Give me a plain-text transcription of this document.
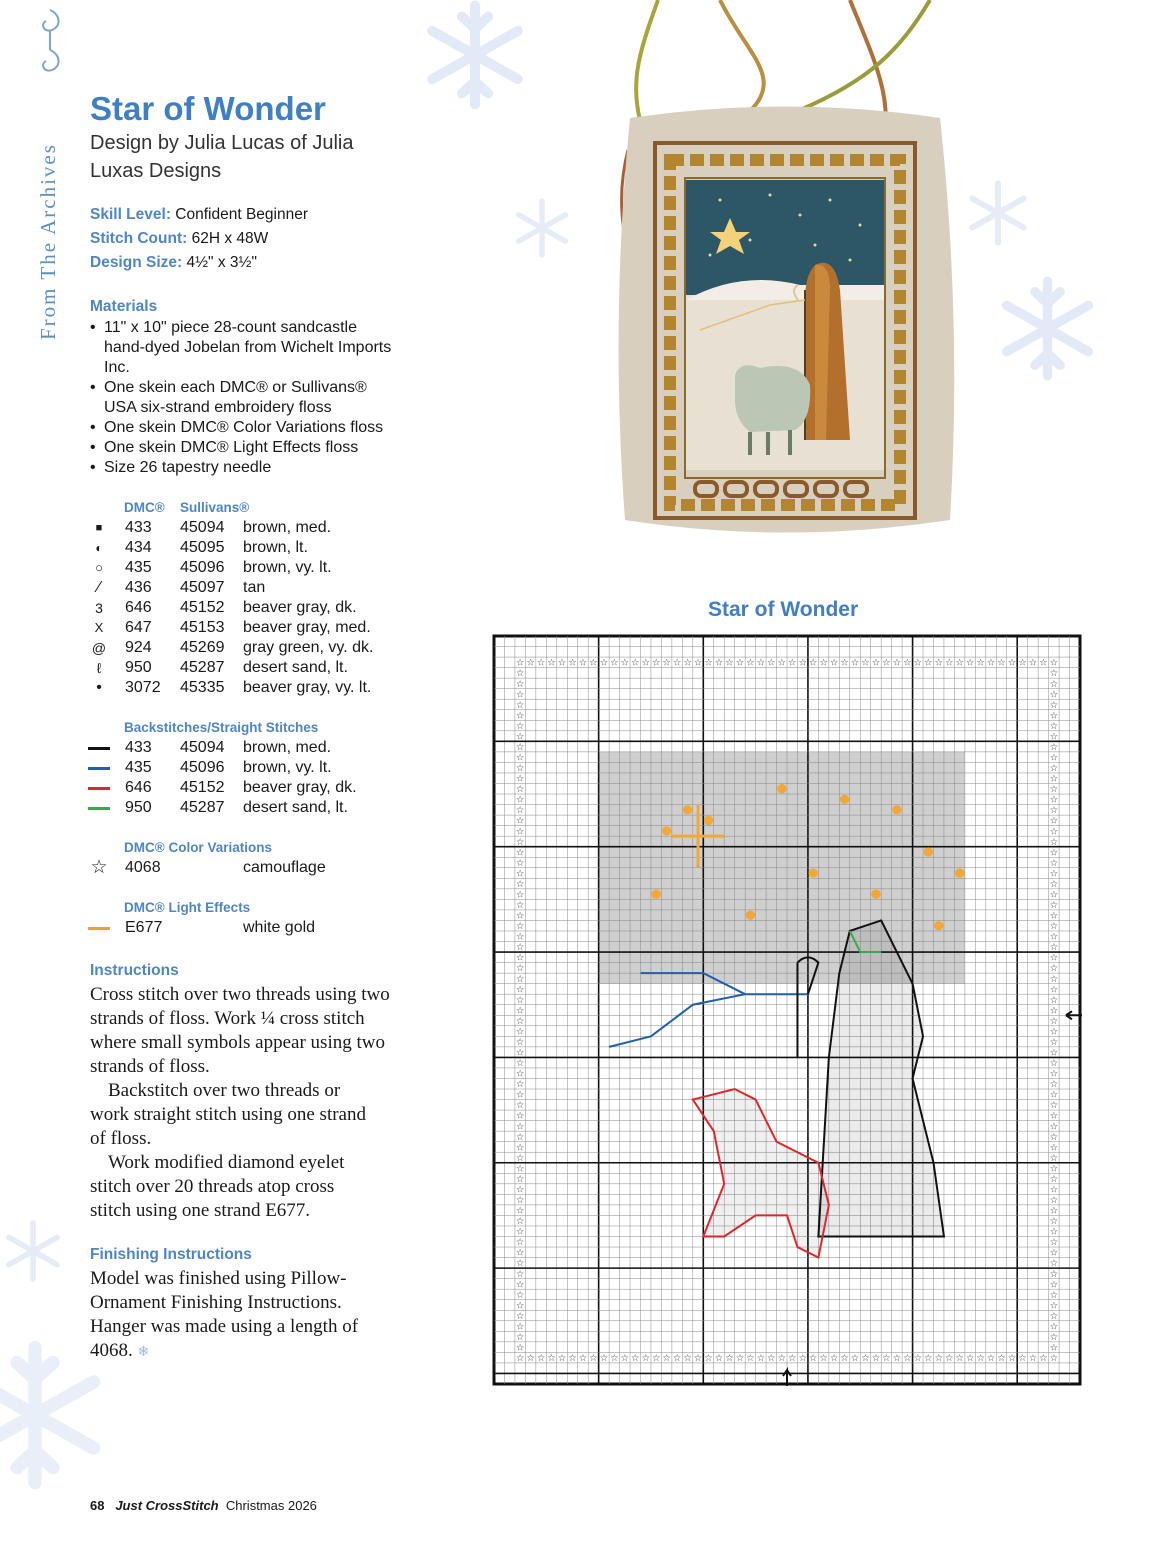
From The Archives
Star of Wonder
Design by Julia Lucas of Julia Luxas Designs
Skill Level: Confident Beginner
Stitch Count: 62H x 48W
Design Size: 4½" x 3½"
Materials
• 11" x 10" piece 28-count sandcastle hand-dyed Jobelan from Wichelt Imports Inc.
• One skein each DMC® or Sullivans® USA six-strand embroidery floss
• One skein DMC® Color Variations floss
• One skein DMC® Light Effects floss
• Size 26 tapestry needle
DMC® Sullivans®
■	433 45094 brown, med.
◐	434 45095 brown, lt.
○	435 45096 brown, vy. lt.
⁄	436 45097 tan
3	646 45152 beaver gray, dk.
X	647 45153 beaver gray, med.
@ 924 45269 gray green, vy. dk.
ℓ	950 45287 desert sand, lt.
•	3072 45335 beaver gray, vy. lt.
Backstitches/Straight Stitches
433 45094 brown, med.
435 45096 brown, vy. lt.
646 45152 beaver gray, dk.
950 45287 desert sand, lt.
DMC® Color Variations
☆ 4068	camouflage
DMC® Light Effects
E677	white gold
Instructions
Cross stitch over two threads using two strands of floss. Work ¼ cross stitch where small symbols appear using two strands of floss.
Backstitch over two threads or work straight stitch using one strand of floss.
Work modified diamond eyelet stitch over 20 threads atop cross stitch using one strand E677.
Finishing Instructions
Model was finished using Pillow-Ornament Finishing Instructions. Hanger was made using a length of 4068. ❄
Star of Wonder
☆
☆
☆
☆
☆
☆
☆
☆
☆
☆
☆
☆
☆
☆
☆
☆
☆
☆
☆
☆
☆
☆
☆
☆
☆
☆
☆
☆
☆
☆
☆
☆
☆
☆
☆
☆
☆
☆
☆
☆
☆
☆
☆
☆
☆
☆
☆
☆
☆
☆
☆
☆
☆
☆
☆
☆
☆
☆
☆
☆
☆
☆
☆
☆
☆
☆
☆
☆
☆
☆
☆
☆
☆
☆
☆
☆
☆
☆
☆
☆
☆
☆
☆
☆
☆
☆
☆
☆
☆
☆
☆
☆
☆
☆
☆
☆
☆
☆
☆
☆
☆
☆
☆
☆
☆	☆
☆	☆
☆	☆
☆	☆
☆	☆
☆	☆
☆	☆
☆	☆
☆	☆
☆	☆
☆	☆
☆	☆
☆	☆
☆	☆
☆	☆
☆	☆
☆	☆
☆	☆
☆	☆
☆	☆
☆	☆
☆	☆
☆	☆
☆	☆
☆	☆
☆	☆
☆	☆
☆	☆
☆	☆
☆	☆
☆	☆
☆	☆
☆	☆
☆	☆
☆	☆
☆	☆
☆	☆
☆	☆
☆	☆
☆	☆
☆	☆
☆	☆
☆	☆
☆	☆
☆	☆
☆	☆
☆	☆
☆	☆
☆	☆
☆	☆
☆	☆
☆	☆
☆	☆
☆	☆
☆	☆
☆	☆
☆	☆
☆	☆
☆	☆
☆	☆
☆	☆
☆	☆
☆	☆
☆	☆
☆	☆
68 Just CrossStitch Christmas 2026
